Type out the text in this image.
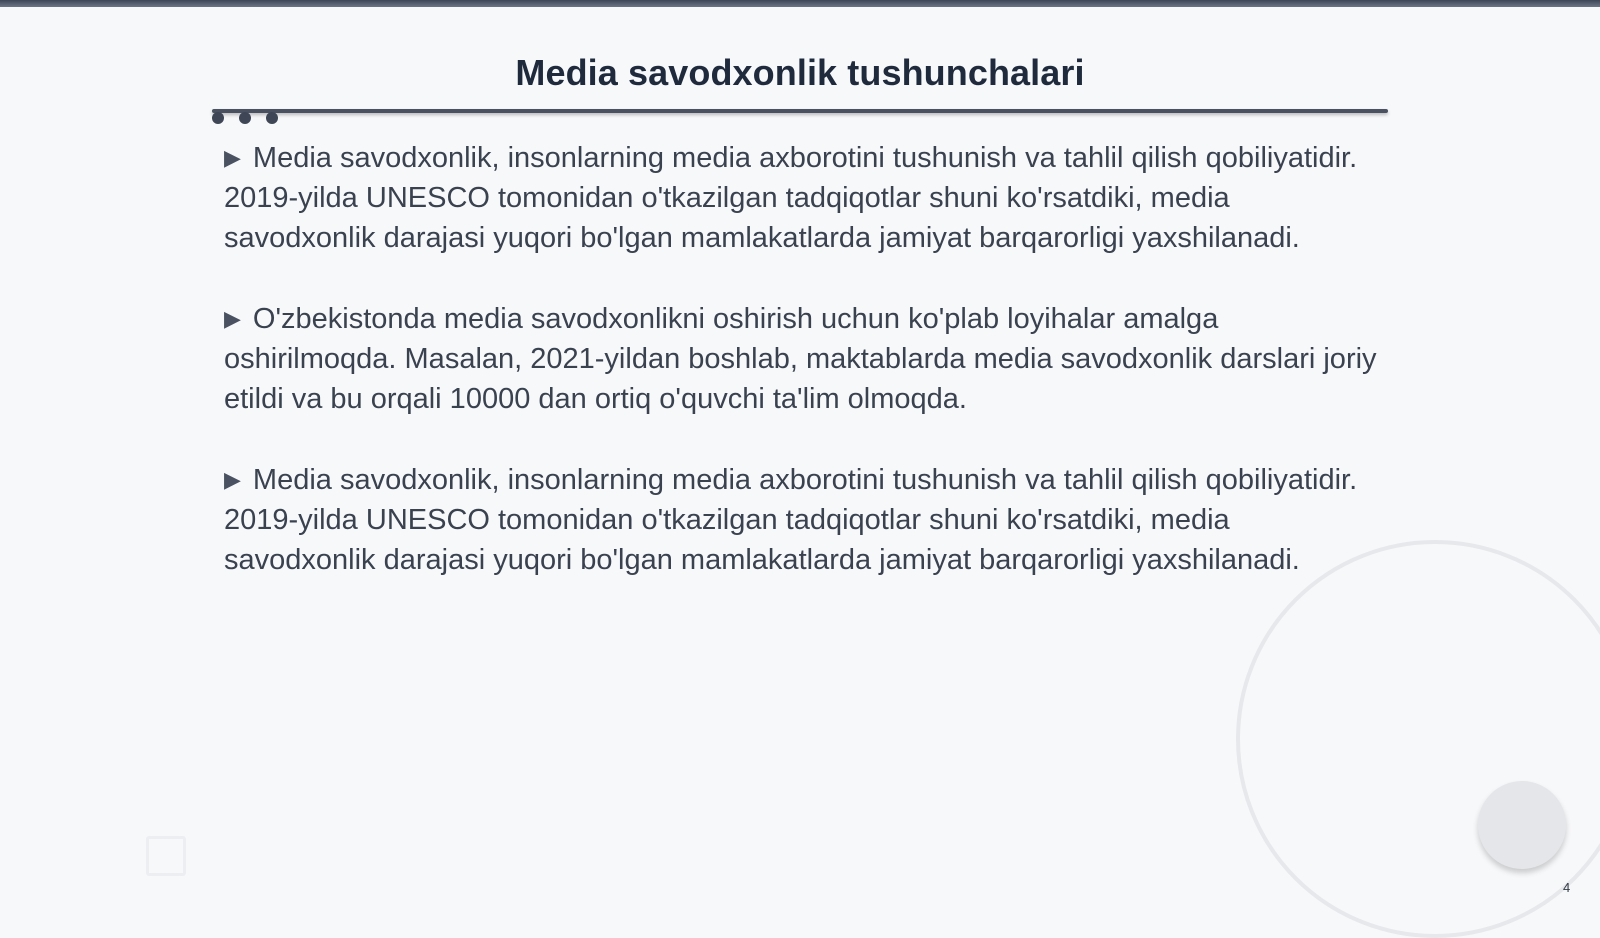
Media savodxonlik tushunchalari

▶ Media savodxonlik, insonlarning media axborotini tushunish va tahlil qilish qobiliyatidir. 2019-yilda UNESCO tomonidan o'tkazilgan tadqiqotlar shuni ko'rsatdiki, media savodxonlik darajasi yuqori bo'lgan mamlakatlarda jamiyat barqarorligi yaxshilanadi.

▶ O'zbekistonda media savodxonlikni oshirish uchun ko'plab loyihalar amalga oshirilmoqda. Masalan, 2021-yildan boshlab, maktablarda media savodxonlik darslari joriy etildi va bu orqali 10000 dan ortiq o'quvchi ta'lim olmoqda.

▶ Media savodxonlik, insonlarning media axborotini tushunish va tahlil qilish qobiliyatidir. 2019-yilda UNESCO tomonidan o'tkazilgan tadqiqotlar shuni ko'rsatdiki, media savodxonlik darajasi yuqori bo'lgan mamlakatlarda jamiyat barqarorligi yaxshilanadi.

4
